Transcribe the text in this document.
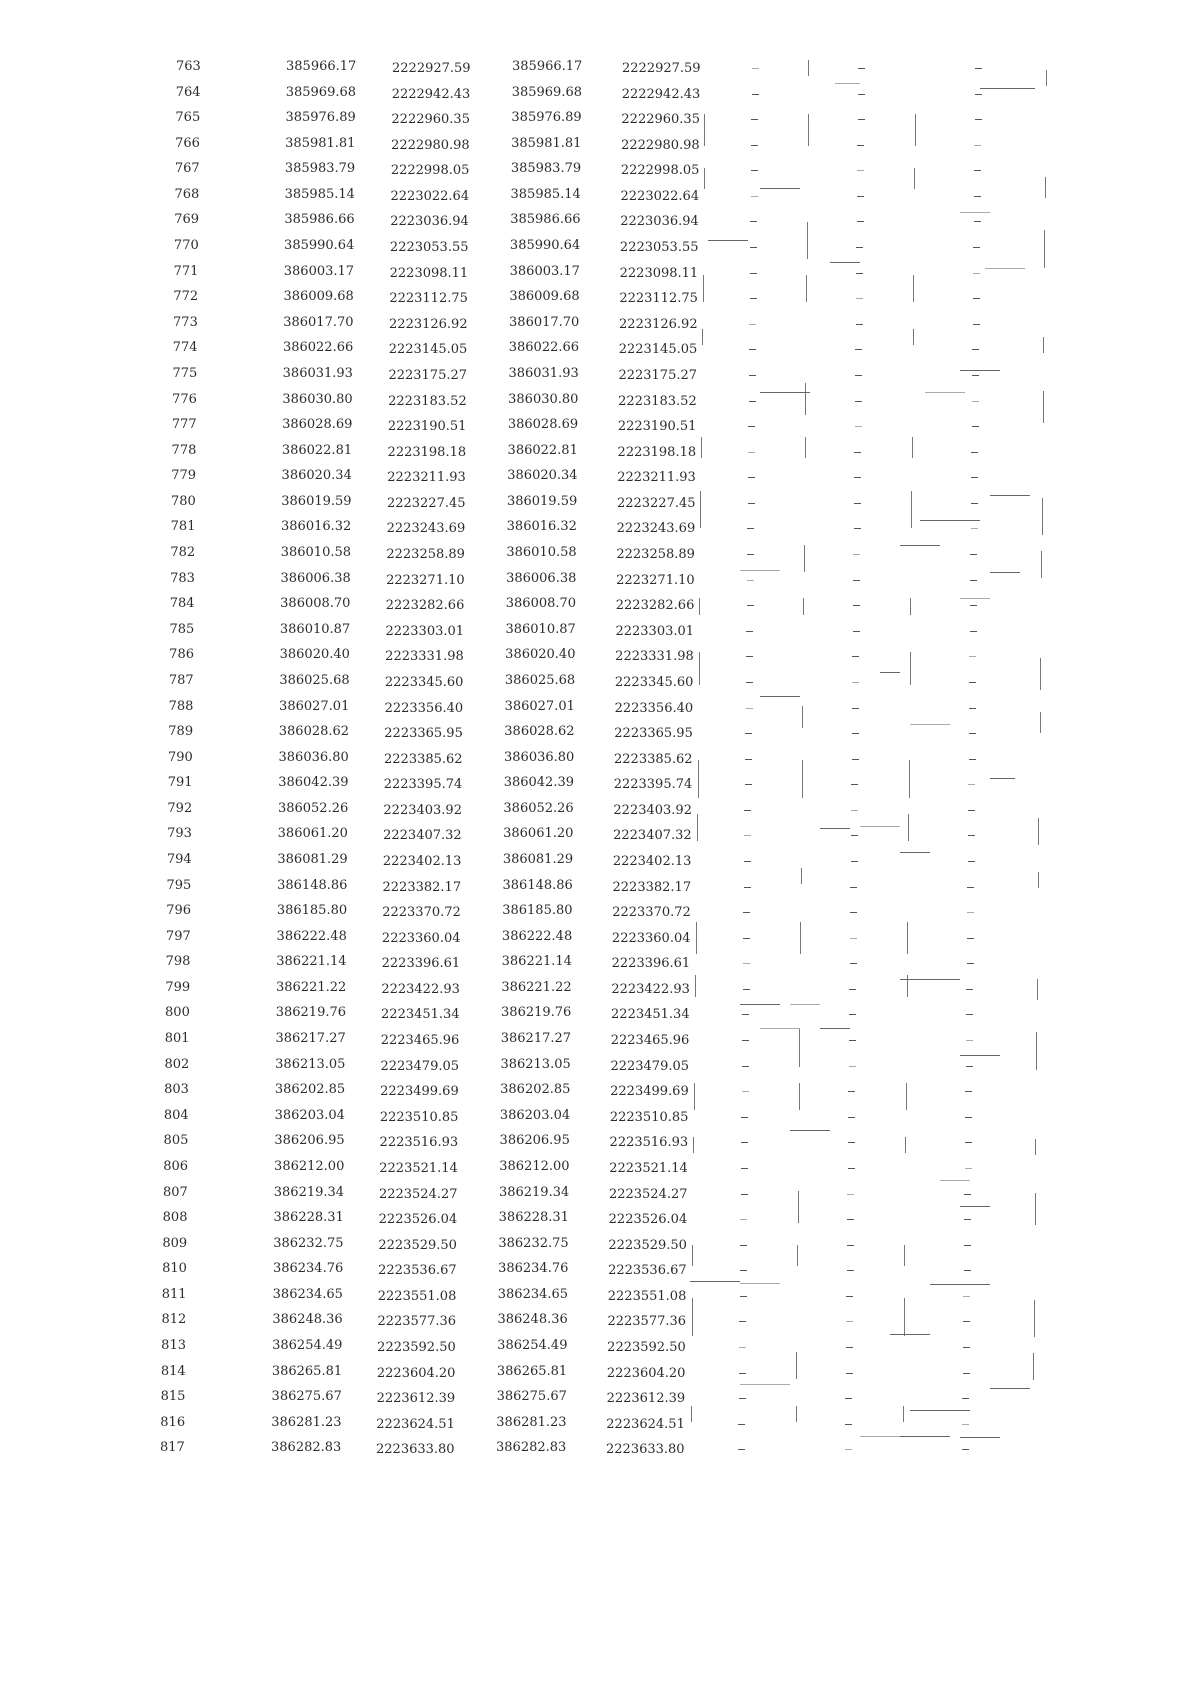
763	385966.17	2222927.59	385966.17	2222927.59
764	385969.68	2222942.43	385969.68	2222942.43
765	385976.89	2222960.35	385976.89	2222960.35
766	385981.81	2222980.98	385981.81	2222980.98
767	385983.79	2222998.05	385983.79	2222998.05
768	385985.14	2223022.64	385985.14	2223022.64
769	385986.66	2223036.94	385986.66	2223036.94
770	385990.64	2223053.55	385990.64	2223053.55
771	386003.17	2223098.11	386003.17	2223098.11
772	386009.68	2223112.75	386009.68	2223112.75
773	386017.70	2223126.92	386017.70	2223126.92
774	386022.66	2223145.05	386022.66	2223145.05
775	386031.93	2223175.27	386031.93	2223175.27
776	386030.80	2223183.52	386030.80	2223183.52
777	386028.69	2223190.51	386028.69	2223190.51
778	386022.81	2223198.18	386022.81	2223198.18
779	386020.34	2223211.93	386020.34	2223211.93
780	386019.59	2223227.45	386019.59	2223227.45
781	386016.32	2223243.69	386016.32	2223243.69
782	386010.58	2223258.89	386010.58	2223258.89
783	386006.38	2223271.10	386006.38	2223271.10
784	386008.70	2223282.66	386008.70	2223282.66
785	386010.87	2223303.01	386010.87	2223303.01
786	386020.40	2223331.98	386020.40	2223331.98
787	386025.68	2223345.60	386025.68	2223345.60
788	386027.01	2223356.40	386027.01	2223356.40
789	386028.62	2223365.95	386028.62	2223365.95
790	386036.80	2223385.62	386036.80	2223385.62
791	386042.39	2223395.74	386042.39	2223395.74
792	386052.26	2223403.92	386052.26	2223403.92
793	386061.20	2223407.32	386061.20	2223407.32
794	386081.29	2223402.13	386081.29	2223402.13
795	386148.86	2223382.17	386148.86	2223382.17
796	386185.80	2223370.72	386185.80	2223370.72
797	386222.48	2223360.04	386222.48	2223360.04
798	386221.14	2223396.61	386221.14	2223396.61
799	386221.22	2223422.93	386221.22	2223422.93
800	386219.76	2223451.34	386219.76	2223451.34
801	386217.27	2223465.96	386217.27	2223465.96
802	386213.05	2223479.05	386213.05	2223479.05
803	386202.85	2223499.69	386202.85	2223499.69
804	386203.04	2223510.85	386203.04	2223510.85
805	386206.95	2223516.93	386206.95	2223516.93
806	386212.00	2223521.14	386212.00	2223521.14
807	386219.34	2223524.27	386219.34	2223524.27
808	386228.31	2223526.04	386228.31	2223526.04
809	386232.75	2223529.50	386232.75	2223529.50
810	386234.76	2223536.67	386234.76	2223536.67
811	386234.65	2223551.08	386234.65	2223551.08
812	386248.36	2223577.36	386248.36	2223577.36
813	386254.49	2223592.50	386254.49	2223592.50
814	386265.81	2223604.20	386265.81	2223604.20
815	386275.67	2223612.39	386275.67	2223612.39
816	386281.23	2223624.51	386281.23	2223624.51
817	386282.83	2223633.80	386282.83	2223633.80
